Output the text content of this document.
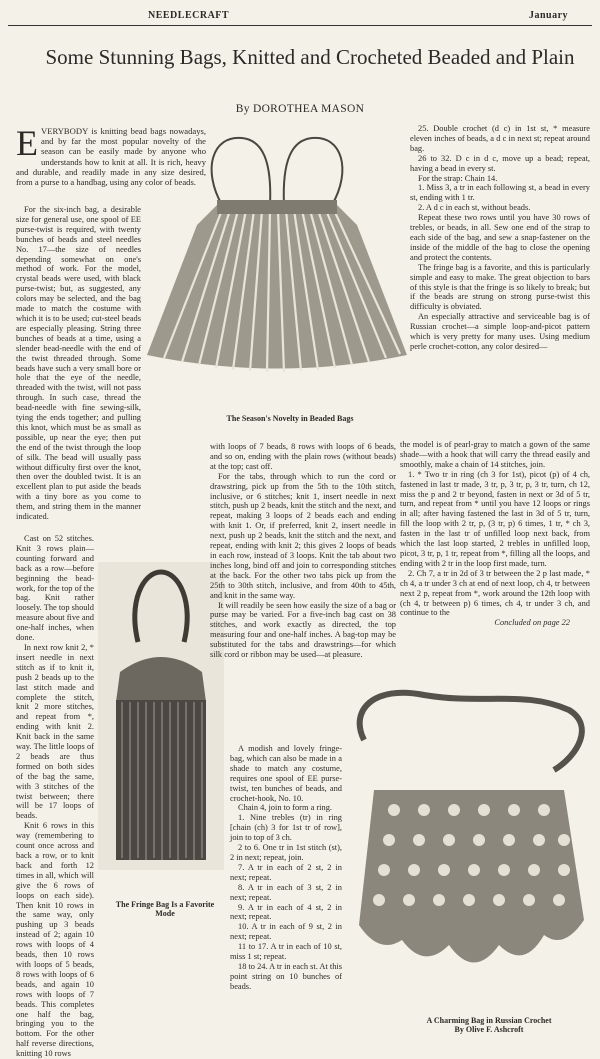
NEEDLECRAFT	January
Some Stunning Bags, Knitted and Crocheted Beaded and Plain
By DOROTHEA MASON
The Season's Novelty in Beaded Bags
The Fringe Bag Is a Favorite Mode
A Charming Bag in Russian Crochet
By Olive F. Ashcroft

EVERYBODY is knitting bead bags nowadays, and by far the most popular novelty of the season can be easily made by anyone who understands how to knit at all. It is rich, heavy and durable, and readily made in any size desired, from a purse to a handbag, using any color of beads.

For the six-inch bag, a desirable size for general use, one spool of EE purse-twist is required, with twenty bunches of beads and steel needles No. 17—the size of needles depending somewhat on one's method of work. For the model, crystal beads were used, with black purse-twist; but, as suggested, any colors may be selected, and the bag made to match the costume with which it is to be used; cut-steel beads are especially pleasing. String three bunches of beads at a time, using a slender bead-needle with the end of the twist threaded through. Some beads have such a very small bore or hole that the eye of the needle, threaded with the twist, will not pass through. In such case, thread the bead-needle with fine sewing-silk, tying the ends together; and pulling this knot, which must be as small as possible, up near the eye; then put the end of the twist through the loop of silk. The bead will usually pass without difficulty first over the knot, then over the doubled twist. It is an excellent plan to put aside the beads with a tiny bore as you come to them, and string them in the manner indicated.

Cast on 52 stitches. Knit 3 rows plain—counting forward and back as a row—before beginning the bead-work, for the top of the bag. Knit rather loosely. The top should measure about five and one-half inches, when done.

In next row knit 2, * insert needle in next stitch as if to knit it, push 2 beads up to the last stitch made and complete the stitch, knit 2 more stitches, and repeat from *, ending with knit 2. Knit back in the same way. The little loops of 2 beads are thus formed on both sides of the bag the same, with 3 stitches of the twist between; there will be 17 loops of beads.

Knit 6 rows in this way (remembering to count once across and back a row, or to knit back and forth 12 times in all, which will give the 6 rows of loops on each side). Then knit 10 rows in the same way, only pushing up 3 beads instead of 2; again 10 rows with loops of 4 beads, then 10 rows with loops of 5 beads, 8 rows with loops of 6 beads, and again 10 rows with loops of 7 beads. This completes one half the bag, bringing you to the bottom. For the other half reverse directions, knitting 10 rows

with loops of 7 beads, 8 rows with loops of 6 beads, and so on, ending with the plain rows (without beads) at the top; cast off.

For the tabs, through which to run the cord or drawstring, pick up from the 5th to the 10th stitch, inclusive, or 6 stitches; knit 1, insert needle in next stitch, push up 2 beads, knit the stitch and the next, and repeat, making 3 loops of 2 beads each and ending with knit 1. Or, if preferred, knit 2, insert needle in next, push up 2 beads, knit the stitch and the next, and repeat, ending with knit 2; this gives 2 loops of beads in each row, instead of 3 loops. Knit the tab about two inches long, bind off and join to corresponding stitches at the back. For the other two tabs pick up from the 25th to 30th stitch, inclusive, and from 40th to 45th, and knit in the same way.

It will readily be seen how easily the size of a bag or purse may be varied. For a five-inch bag cast on 38 stitches, and work exactly as directed, the top measuring four and one-half inches. A bag-top may be substituted for the tabs and drawstrings—for which silk cord or ribbon may be used—at pleasure.

A modish and lovely fringe-bag, which can also be made in a shade to match any costume, requires one spool of EE purse-twist, ten bunches of beads, and crochet-hook, No. 10.

Chain 4, join to form a ring.

1. Nine trebles (tr) in ring [chain (ch) 3 for 1st tr of row], join to top of 3 ch.

2 to 6. One tr in 1st stitch (st), 2 in next; repeat, join.

7. A tr in each of 2 st, 2 in next; repeat.

8. A tr in each of 3 st, 2 in next; repeat.

9. A tr in each of 4 st, 2 in next; repeat.

10. A tr in each of 9 st, 2 in next; repeat.

11 to 17. A tr in each of 10 st, miss 1 st; repeat.

18 to 24. A tr in each st. At this point string on 10 bunches of beads.

25. Double crochet (d c) in 1st st, * measure eleven inches of beads, a d c in next st; repeat around bag.

26 to 32. D c in d c, move up a bead; repeat, having a bead in every st.

For the strap: Chain 14.

1. Miss 3, a tr in each following st, a bead in every st, ending with 1 tr.

2. A d c in each st, without beads.

Repeat these two rows until you have 30 rows of trebles, or beads, in all. Sew one end of the strap to each side of the bag, and sew a snap-fastener on the inside of the middle of the bag to close the opening and protect the contents.

The fringe bag is a favorite, and this is particularly simple and easy to make. The great objection to bars of this style is that the fringe is so likely to break; but if the beads are strung on strong purse-twist this difficulty is obviated.

An especially attractive and serviceable bag is of Russian crochet—a simple loop-and-picot pattern which is very pretty for many uses. Using medium perle crochet-cotton, any color desired—

the model is of pearl-gray to match a gown of the same shade—with a hook that will carry the thread easily and smoothly, make a chain of 14 stitches, join.

1. * Two tr in ring (ch 3 for 1st), picot (p) of 4 ch, fastened in last tr made, 3 tr, p, 3 tr, p, 3 tr, turn, ch 12, miss the p and 2 tr beyond, fasten in next or 3d of 5 tr, turn, and repeat from * until you have 12 loops or rings in all; after having fastened the last in 3d of 5 tr, turn, fill the loop with 2 tr, p, (3 tr, p) 6 times, 1 tr, * ch 3, fasten in the last tr of unfilled loop next back, from which the last loop started, 2 trebles in unfilled loop, picot, 3 tr, p, 1 tr, repeat from *, filling all the loops, and ending with 2 tr in the loop first made, turn.

2. Ch 7, a tr in 2d of 3 tr between the 2 p last made, * ch 4, a tr under 3 ch at end of next loop, ch 4, tr between next 2 p, repeat from *, work around the 12th loop with (ch 4, tr between p) 6 times, ch 4, tr under 3 ch, and continue to the

Concluded on page 22
